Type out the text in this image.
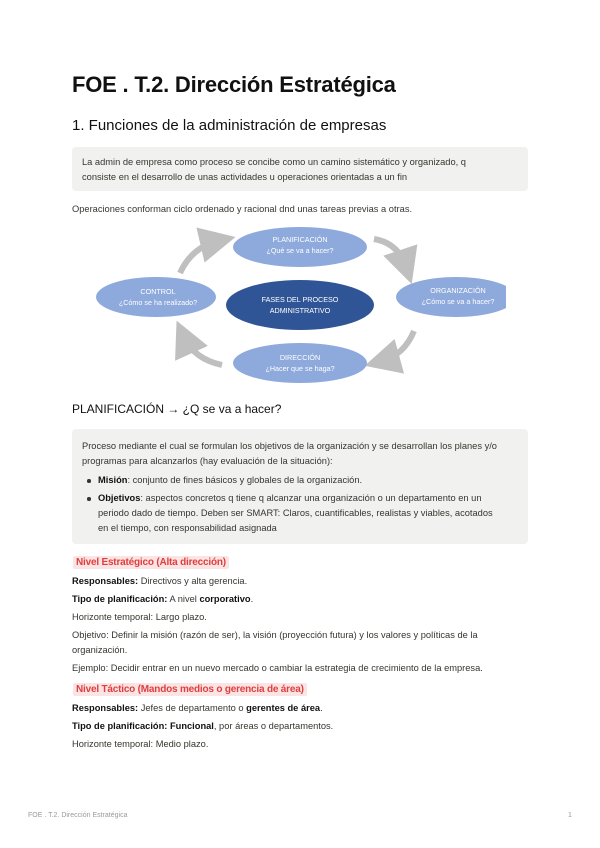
FOE . T.2. Dirección Estratégica
1. Funciones de la administración de empresas
La admin de empresa como proceso se concibe como un camino sistemático y organizado, q
consiste en el desarrollo de unas actividades u operaciones orientadas a un fin
Operaciones conforman ciclo ordenado y racional dnd unas tareas previas a otras.
PLANIFICACIÓN
¿Qué se va a hacer?
ORGANIZACIÓN
¿Cómo se va a hacer?
DIRECCIÓN
¿Hacer que se haga?
CONTROL
¿Cómo se ha realizado?	FASES DEL PROCESO
ADMINISTRATIVO
PLANIFICACIÓN → ¿Q se va a hacer?

Proceso mediante el cual se formulan los objetivos de la organización y se desarrollan los planes y/o
programas para alcanzarlos (hay evaluación de la situación):

Misión: conjunto de fines básicos y globales de la organización.
Objetivos: aspectos concretos q tiene q alcanzar una organización o un departamento en un
periodo dado de tiempo. Deben ser SMART: Claros, cuantificables, realistas y viables, acotados
en el tiempo, con responsabilidad asignada
Nivel Estratégico (Alta dirección)
Responsables: Directivos y alta gerencia.
Tipo de planificación: A nivel corporativo.
Horizonte temporal: Largo plazo.
Objetivo: Definir la misión (razón de ser), la visión (proyección futura) y los valores y políticas de la
organización.
Ejemplo: Decidir entrar en un nuevo mercado o cambiar la estrategia de crecimiento de la empresa.
Nivel Táctico (Mandos medios o gerencia de área)
Responsables: Jefes de departamento o gerentes de área.
Tipo de planificación: Funcional, por áreas o departamentos.
Horizonte temporal: Medio plazo.
FOE . T.2. Dirección Estratégica	1
